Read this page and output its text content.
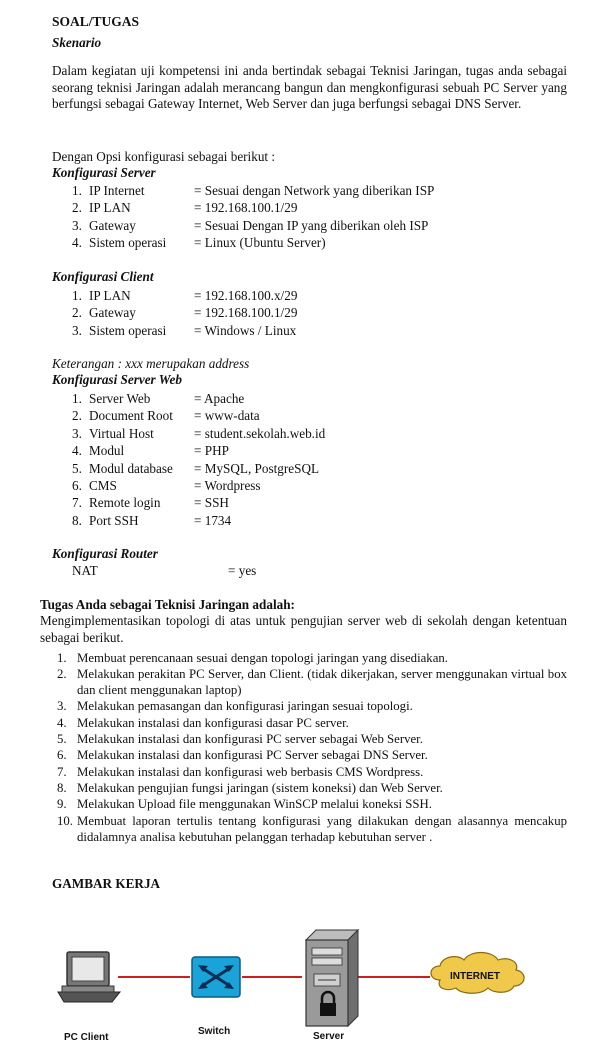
SOAL/TUGAS
Skenario
Dalam kegiatan uji kompetensi ini anda bertindak sebagai Teknisi Jaringan, tugas anda sebagai seorang teknisi Jaringan adalah merancang bangun dan mengkonfigurasi sebuah PC Server yang berfungsi sebagai Gateway Internet, Web Server dan juga berfungsi sebagai DNS Server.
Dengan Opsi konfigurasi sebagai berikut :
Konfigurasi Server
1. IP Internet	= Sesuai dengan Network yang diberikan ISP
2. IP LAN	= 192.168.100.1/29
3. Gateway	= Sesuai Dengan IP yang diberikan oleh ISP
4. Sistem operasi = Linux (Ubuntu Server)
Konfigurasi Client
1. IP LAN	= 192.168.100.x/29
2. Gateway	= 192.168.100.1/29
3. Sistem operasi = Windows / Linux
Keterangan : xxx merupakan address
Konfigurasi Server Web
1. Server Web	= Apache
2. Document Root = www-data
3. Virtual Host	= student.sekolah.web.id
4. Modul	= PHP
5. Modul database = MySQL, PostgreSQL
6. CMS	= Wordpress
7. Remote login	= SSH
8. Port SSH	= 1734
Konfigurasi Router
NAT	= yes
Tugas Anda sebagai Teknisi Jaringan adalah:
Mengimplementasikan topologi di atas untuk pengujian server web di sekolah dengan ketentuan sebagai berikut.
1. Membuat perencanaan sesuai dengan topologi jaringan yang disediakan.
2. Melakukan perakitan PC Server, dan Client. (tidak dikerjakan, server menggunakan virtual box dan client menggunakan laptop)
3. Melakukan pemasangan dan konfigurasi jaringan sesuai topologi.
4. Melakukan instalasi dan konfigurasi dasar PC server.
5. Melakukan instalasi dan konfigurasi PC server sebagai Web Server.
6. Melakukan instalasi dan konfigurasi PC Server sebagai DNS Server.
7. Melakukan instalasi dan konfigurasi web berbasis CMS Wordpress.
8. Melakukan pengujian fungsi jaringan (sistem koneksi) dan Web Server.
9. Melakukan Upload file menggunakan WinSCP melalui koneksi SSH.
10. Membuat laporan tertulis tentang konfigurasi yang dilakukan dengan alasannya mencakup didalamnya analisa kebutuhan pelanggan terhadap kebutuhan server .
GAMBAR KERJA
INTERNET
PC Client
Switch	Server
